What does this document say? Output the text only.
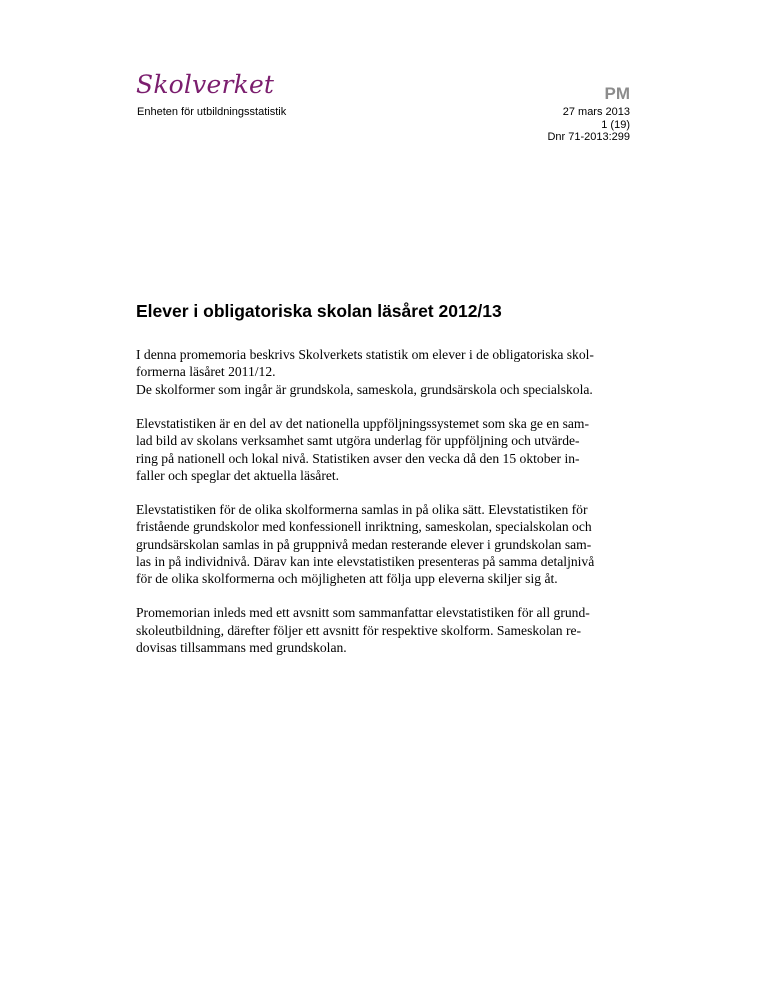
Skolverket
Enheten för utbildningsstatistik
PM
27 mars 2013
1 (19)
Dnr 71-2013:299
Elever i obligatoriska skolan läsåret 2012/13

I denna promemoria beskrivs Skolverkets statistik om elever i de obligatoriska skol-
formerna läsåret 2011/12.
De skolformer som ingår är grundskola, sameskola, grundsärskola och specialskola.

Elevstatistiken är en del av det nationella uppföljningssystemet som ska ge en sam-
lad bild av skolans verksamhet samt utgöra underlag för uppföljning och utvärde-
ring på nationell och lokal nivå. Statistiken avser den vecka då den 15 oktober in-
faller och speglar det aktuella läsåret.

Elevstatistiken för de olika skolformerna samlas in på olika sätt. Elevstatistiken för
fristående grundskolor med konfessionell inriktning, sameskolan, specialskolan och
grundsärskolan samlas in på gruppnivå medan resterande elever i grundskolan sam-
las in på individnivå. Därav kan inte elevstatistiken presenteras på samma detaljnivå
för de olika skolformerna och möjligheten att följa upp eleverna skiljer sig åt.

Promemorian inleds med ett avsnitt som sammanfattar elevstatistiken för all grund-
skoleutbildning, därefter följer ett avsnitt för respektive skolform. Sameskolan re-
dovisas tillsammans med grundskolan.
